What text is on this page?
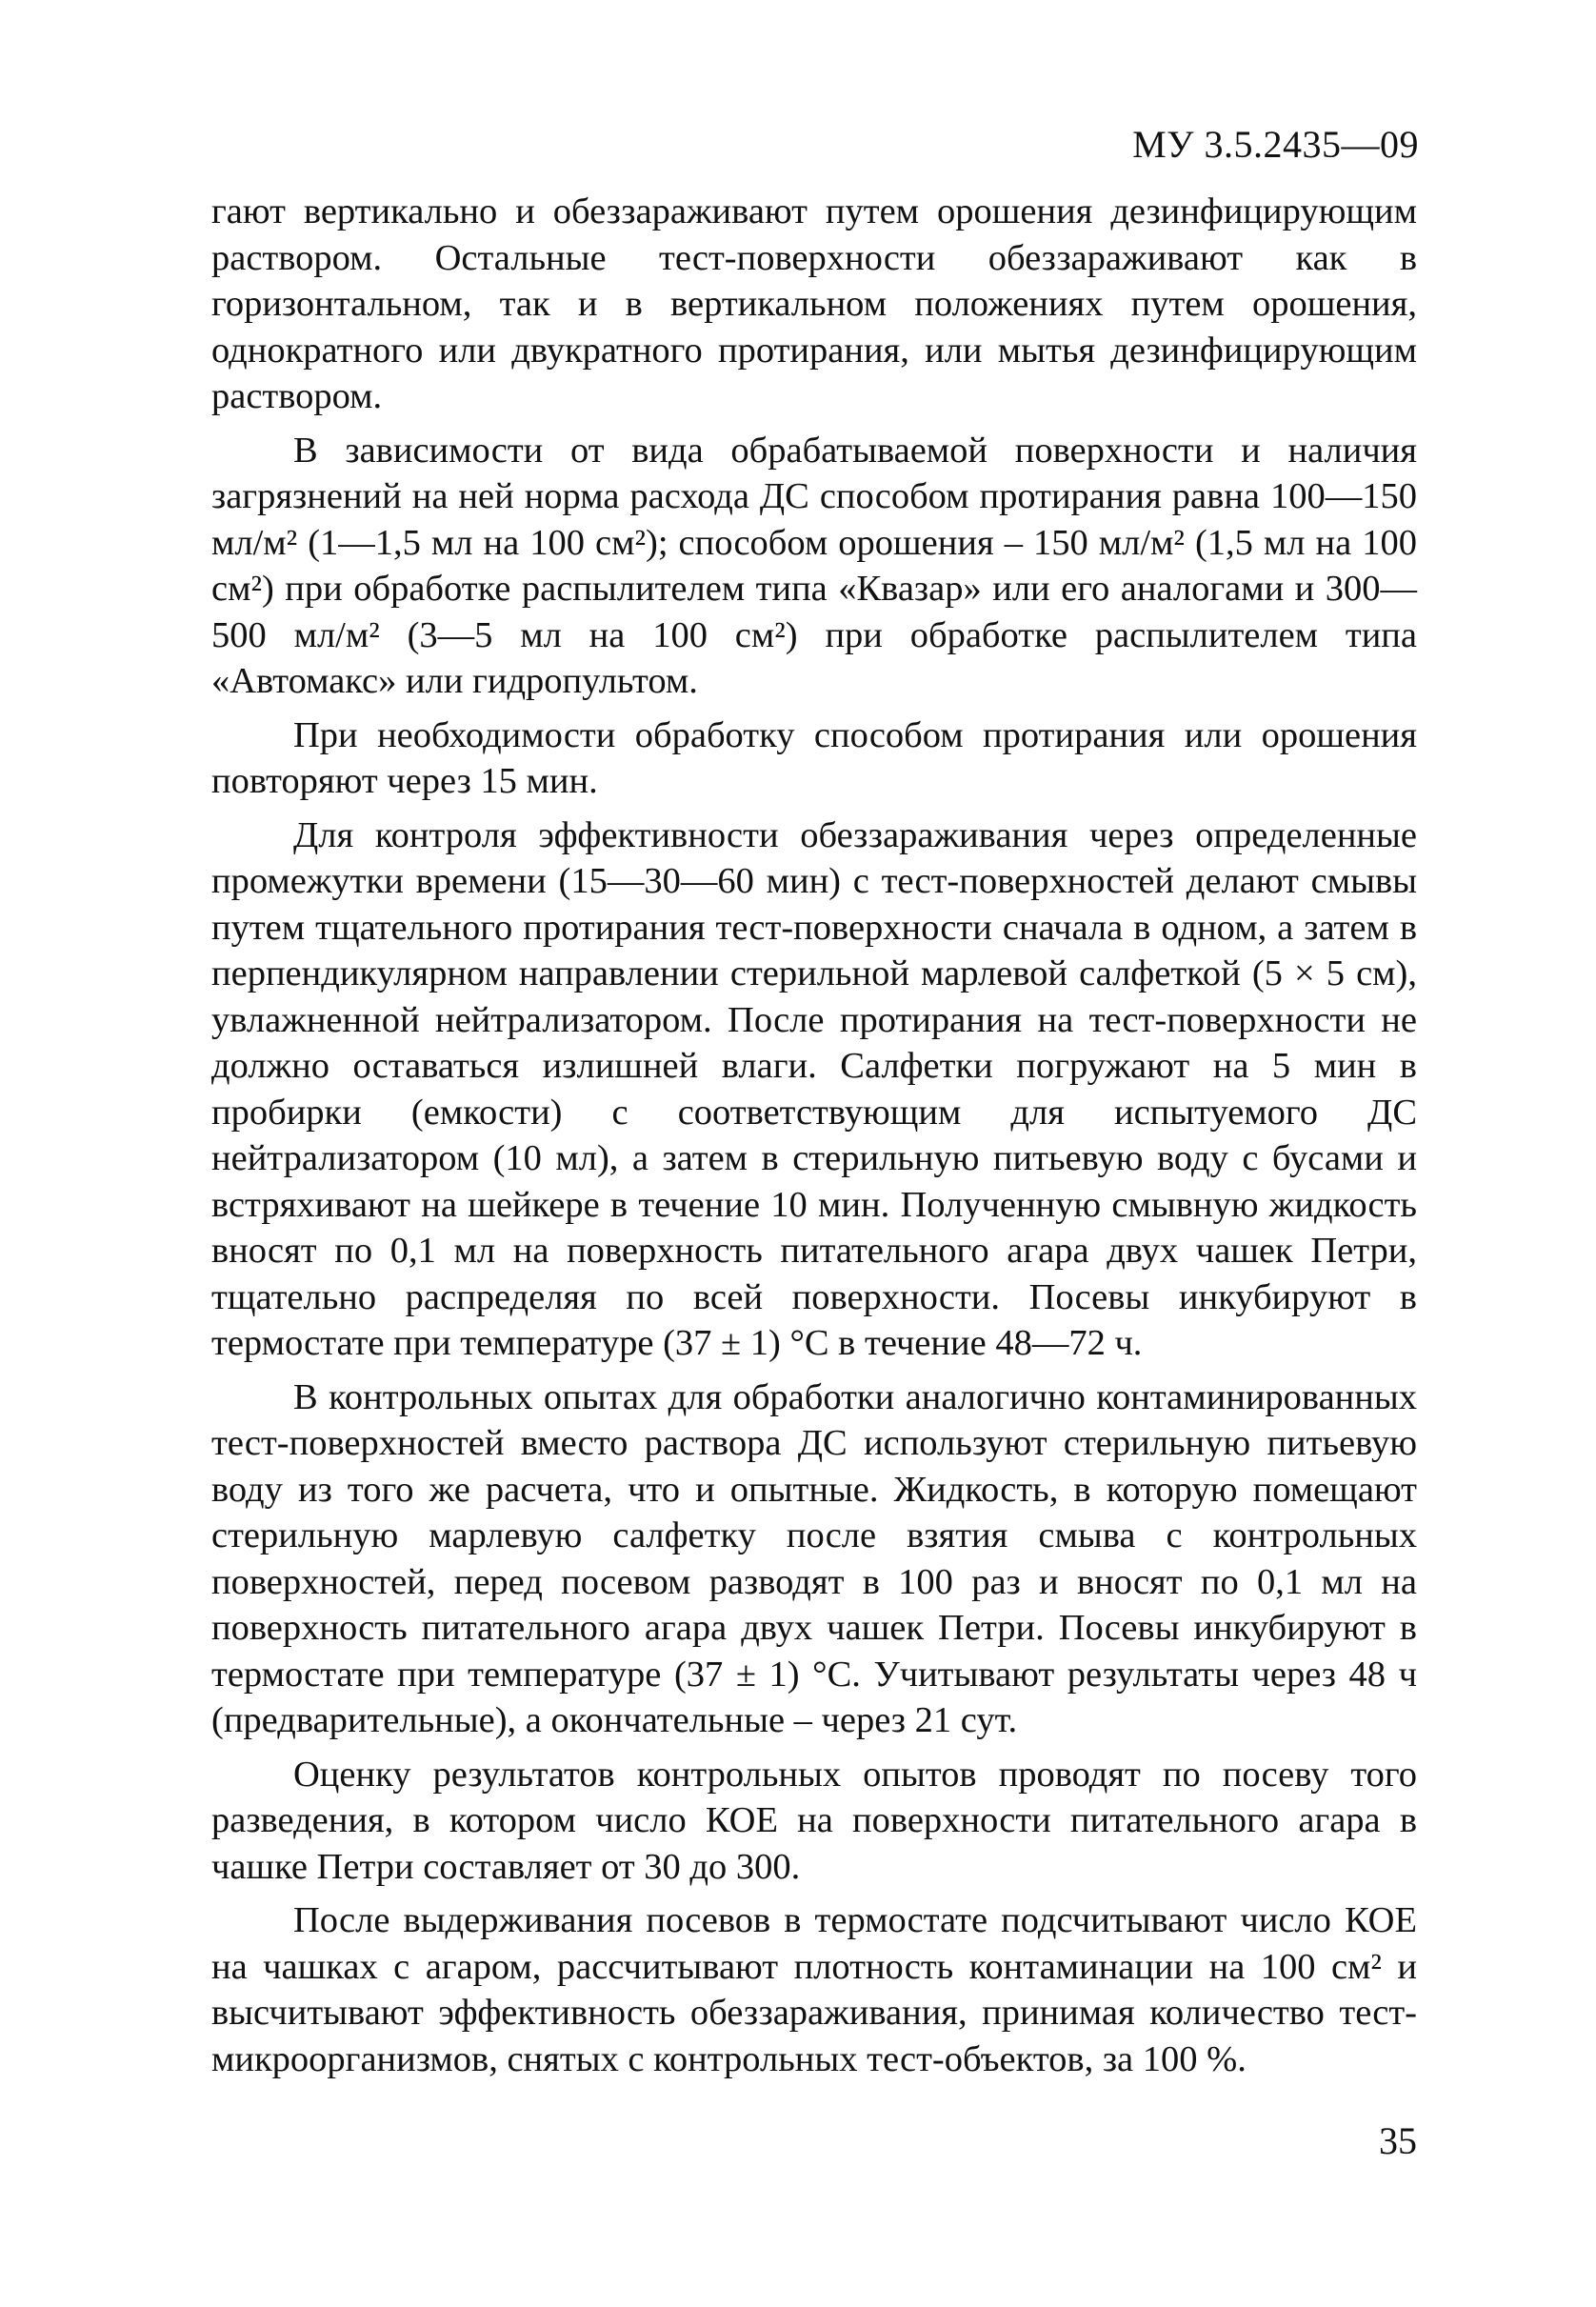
МУ 3.5.2435—09

гают вертикально и обеззараживают путем орошения дезинфицирующим раствором. Остальные тест-поверхности обеззараживают как в горизонтальном, так и в вертикальном положениях путем орошения, однократного или двукратного протирания, или мытья дезинфицирующим раствором.

В зависимости от вида обрабатываемой поверхности и наличия загрязнений на ней норма расхода ДС способом протирания равна 100—150 мл/м² (1—1,5 мл на 100 см²); способом орошения – 150 мл/м² (1,5 мл на 100 см²) при обработке распылителем типа «Квазар» или его аналогами и 300—500 мл/м² (3—5 мл на 100 см²) при обработке распылителем типа «Автомакс» или гидропультом.

При необходимости обработку способом протирания или орошения повторяют через 15 мин.

Для контроля эффективности обеззараживания через определенные промежутки времени (15—30—60 мин) с тест-поверхностей делают смывы путем тщательного протирания тест-поверхности сначала в одном, а затем в перпендикулярном направлении стерильной марлевой салфеткой (5 × 5 см), увлажненной нейтрализатором. После протирания на тест-поверхности не должно оставаться излишней влаги. Салфетки погружают на 5 мин в пробирки (емкости) с соответствующим для испытуемого ДС нейтрализатором (10 мл), а затем в стерильную питьевую воду с бусами и встряхивают на шейкере в течение 10 мин. Полученную смывную жидкость вносят по 0,1 мл на поверхность питательного агара двух чашек Петри, тщательно распределяя по всей поверхности. Посевы инкубируют в термостате при температуре (37 ± 1) °С в течение 48—72 ч.

В контрольных опытах для обработки аналогично контаминированных тест-поверхностей вместо раствора ДС используют стерильную питьевую воду из того же расчета, что и опытные. Жидкость, в которую помещают стерильную марлевую салфетку после взятия смыва с контрольных поверхностей, перед посевом разводят в 100 раз и вносят по 0,1 мл на поверхность питательного агара двух чашек Петри. Посевы инкубируют в термостате при температуре (37 ± 1) °С. Учитывают результаты через 48 ч (предварительные), а окончательные – через 21 сут.

Оценку результатов контрольных опытов проводят по посеву того разведения, в котором число КОЕ на поверхности питательного агара в чашке Петри составляет от 30 до 300.

После выдерживания посевов в термостате подсчитывают число КОЕ на чашках с агаром, рассчитывают плотность контаминации на 100 см² и высчитывают эффективность обеззараживания, принимая количество тест-микроорганизмов, снятых с контрольных тест-объектов, за 100 %.

35
